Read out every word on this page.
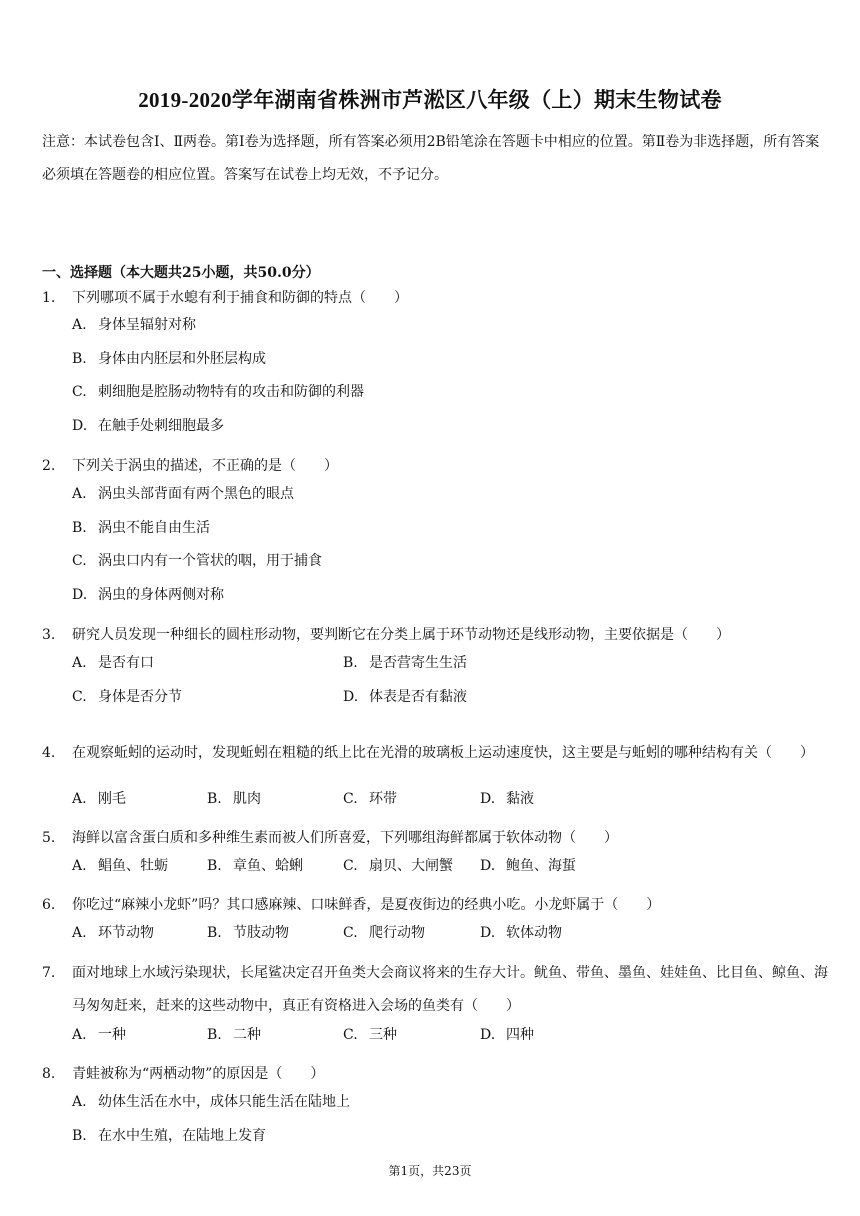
2019-2020学年湖南省株洲市芦淞区八年级（上）期末生物试卷
注意：本试卷包含Ⅰ、Ⅱ两卷。第Ⅰ卷为选择题，所有答案必须用2B铅笔涂在答题卡中相应的位置。第Ⅱ卷为非选择题，所有答案必须填在答题卷的相应位置。答案写在试卷上均无效，不予记分。
一、选择题（本大题共25小题，共50.0分）
1.	下列哪项不属于水螅有利于捕食和防御的特点（　　）
A. 身体呈辐射对称
B. 身体由内胚层和外胚层构成
C. 刺细胞是腔肠动物特有的攻击和防御的利器
D. 在触手处刺细胞最多
2.	下列关于涡虫的描述，不正确的是（　　）
A. 涡虫头部背面有两个黑色的眼点
B. 涡虫不能自由生活
C. 涡虫口内有一个管状的咽，用于捕食
D. 涡虫的身体两侧对称
3.	研究人员发现一种细长的圆柱形动物，要判断它在分类上属于环节动物还是线形动物，主要依据是（　　）
A. 是否有口	B. 是否营寄生生活
C. 身体是否分节	D. 体表是否有黏液
4.	在观察蚯蚓的运动时，发现蚯蚓在粗糙的纸上比在光滑的玻璃板上运动速度快，这主要是与蚯蚓的哪种结构有关（　　）
A. 刚毛	B. 肌肉	C. 环带	D. 黏液
5.	海鲜以富含蛋白质和多种维生素而被人们所喜爱，下列哪组海鲜都属于软体动物（　　）
A. 鲳鱼、牡蛎	B. 章鱼、蛤蜊	C. 扇贝、大闸蟹 D. 鲍鱼、海蜇
6.	你吃过“麻辣小龙虾”吗？其口感麻辣、口味鲜香，是夏夜街边的经典小吃。小龙虾属于（　　）
A. 环节动物	B. 节肢动物	C. 爬行动物	D. 软体动物
7.	面对地球上水域污染现状，长尾鲨决定召开鱼类大会商议将来的生存大计。鱿鱼、带鱼、墨鱼、娃娃鱼、比目鱼、鲸鱼、海马匆匆赶来，赶来的这些动物中，真正有资格进入会场的鱼类有（　　）
A. 一种	B. 二种	C. 三种	D. 四种
8.	青蛙被称为“两栖动物”的原因是（　　）
A. 幼体生活在水中，成体只能生活在陆地上
B. 在水中生殖，在陆地上发育
第1页，共23页
